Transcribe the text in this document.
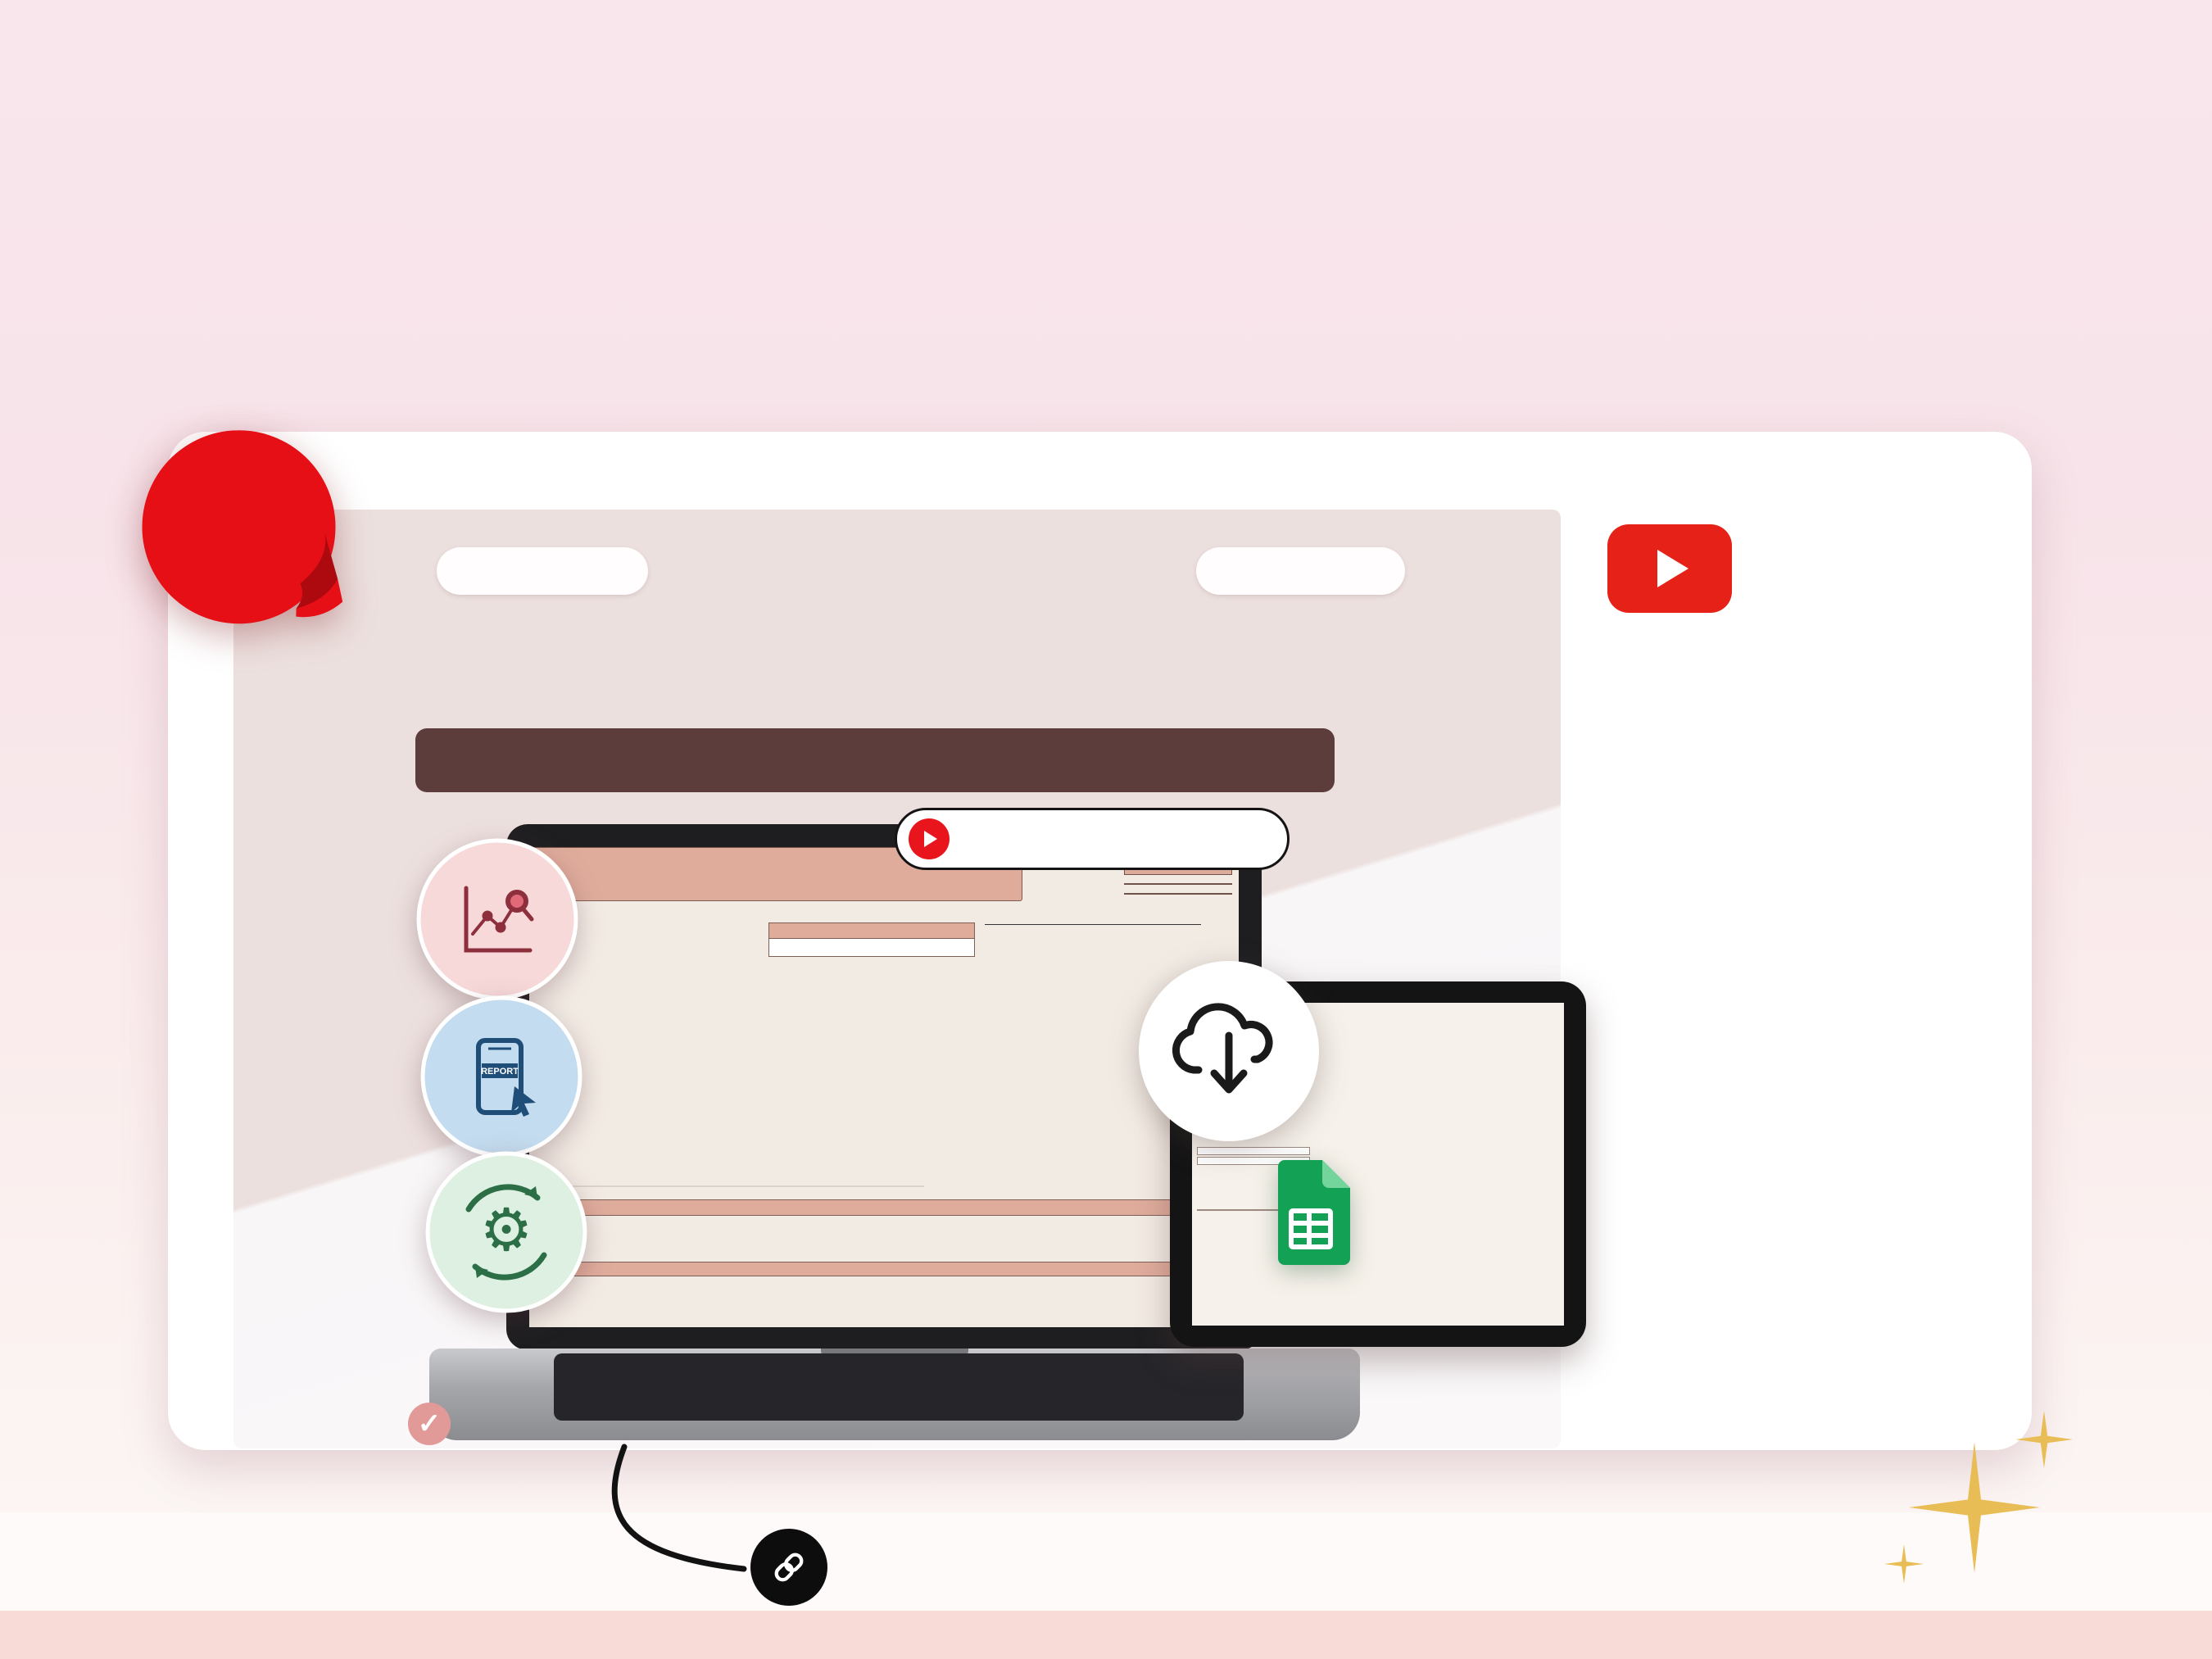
REPORT
⚙
✓
